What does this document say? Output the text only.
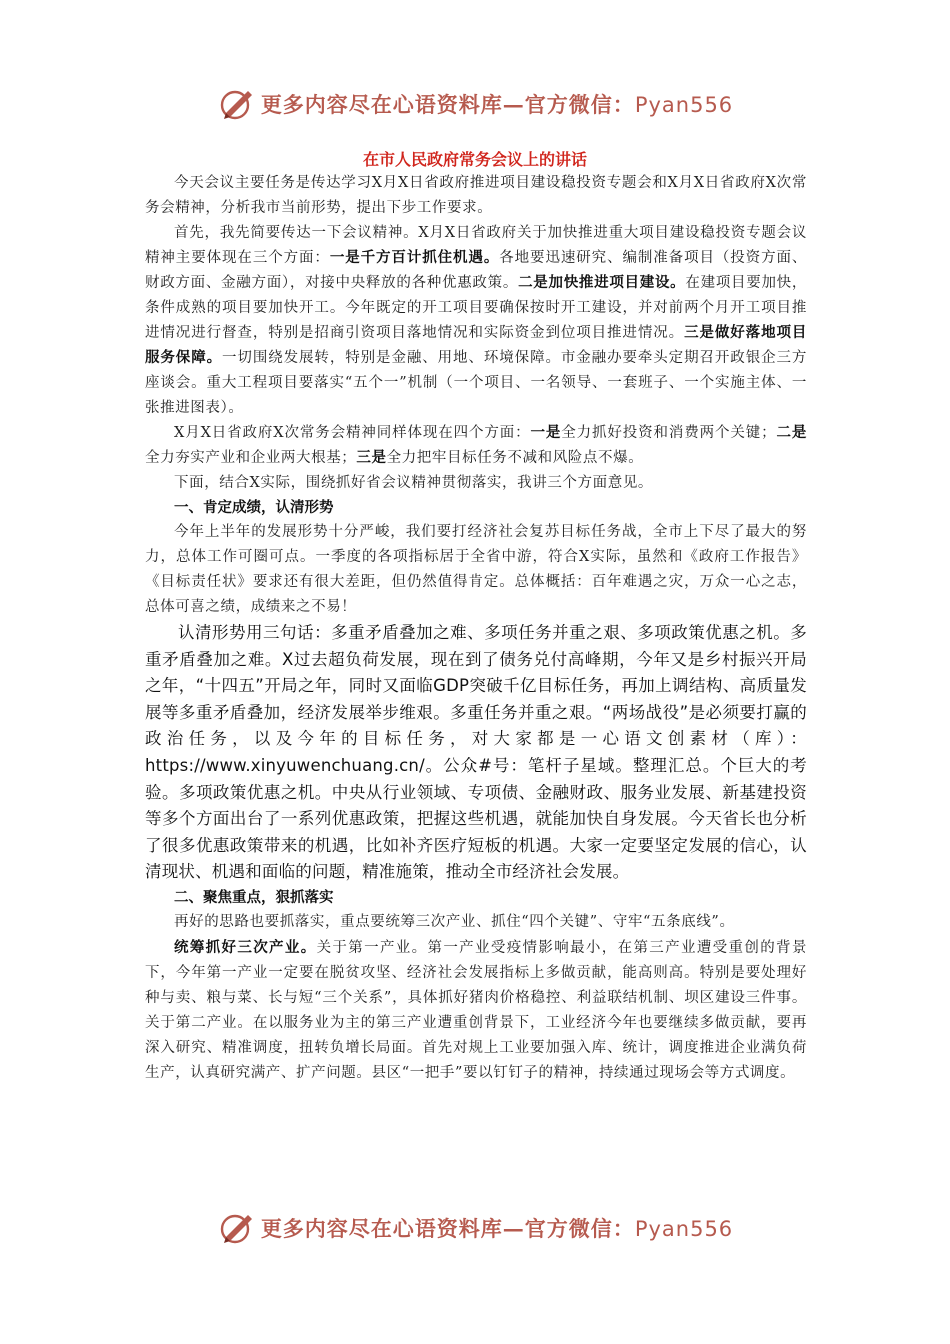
更多内容尽在心语资料库—官方微信：Pyan556
在市人民政府常务会议上的讲话

今天会议主要任务是传达学习X月X日省政府推进项目建设稳投资专题会和X月X日省政府X次常务会精神，分析我市当前形势，提出下步工作要求。

首先，我先简要传达一下会议精神。X月X日省政府关于加快推进重大项目建设稳投资专题会议精神主要体现在三个方面：一是千方百计抓住机遇。各地要迅速研究、编制准备项目（投资方面、财政方面、金融方面），对接中央释放的各种优惠政策。二是加快推进项目建设。在建项目要加快，条件成熟的项目要加快开工。今年既定的开工项目要确保按时开工建设，并对前两个月开工项目推进情况进行督查，特别是招商引资项目落地情况和实际资金到位项目推进情况。三是做好落地项目服务保障。一切围绕发展转，特别是金融、用地、环境保障。市金融办要牵头定期召开政银企三方座谈会。重大工程项目要落实“五个一”机制（一个项目、一名领导、一套班子、一个实施主体、一张推进图表）。

X月X日省政府X次常务会精神同样体现在四个方面：一是全力抓好投资和消费两个关键；二是全力夯实产业和企业两大根基；三是全力把牢目标任务不减和风险点不爆。

下面，结合X实际，围绕抓好省会议精神贯彻落实，我讲三个方面意见。

一、肯定成绩，认清形势

今年上半年的发展形势十分严峻，我们要打经济社会复苏目标任务战，全市上下尽了最大的努力，总体工作可圈可点。一季度的各项指标居于全省中游，符合X实际，虽然和《政府工作报告》《目标责任状》要求还有很大差距，但仍然值得肯定。总体概括：百年难遇之灾，万众一心之志，总体可喜之绩，成绩来之不易！

认清形势用三句话：多重矛盾叠加之难、多项任务并重之艰、多项政策优惠之机。多重矛盾叠加之难。X过去超负荷发展，现在到了债务兑付高峰期，今年又是乡村振兴开局之年，“十四五”开局之年，同时又面临GDP突破千亿目标任务，再加上调结构、高质量发展等多重矛盾叠加，经济发展举步维艰。多重任务并重之艰。“两场战役”是必须要打赢的政治任务，以及今年的目标任务，对大家都是一心语文创素材（库）：https://www.xinyuwenchuang.cn/。公众#号：笔杆子星域。整理汇总。个巨大的考验。多项政策优惠之机。中央从行业领域、专项债、金融财政、服务业发展、新基建投资等多个方面出台了一系列优惠政策，把握这些机遇，就能加快自身发展。今天省长也分析了很多优惠政策带来的机遇，比如补齐医疗短板的机遇。大家一定要坚定发展的信心，认清现状、机遇和面临的问题，精准施策，推动全市经济社会发展。

二、聚焦重点，狠抓落实

再好的思路也要抓落实，重点要统筹三次产业、抓住“四个关键”、守牢“五条底线”。

统筹抓好三次产业。关于第一产业。第一产业受疫情影响最小，在第三产业遭受重创的背景下，今年第一产业一定要在脱贫攻坚、经济社会发展指标上多做贡献，能高则高。特别是要处理好种与卖、粮与菜、长与短“三个关系”，具体抓好猪肉价格稳控、利益联结机制、坝区建设三件事。关于第二产业。在以服务业为主的第三产业遭重创背景下，工业经济今年也要继续多做贡献，要再深入研究、精准调度，扭转负增长局面。首先对规上工业要加强入库、统计，调度推进企业满负荷生产，认真研究满产、扩产问题。县区“一把手”要以钉钉子的精神，持续通过现场会等方式调度。

更多内容尽在心语资料库—官方微信：Pyan556
